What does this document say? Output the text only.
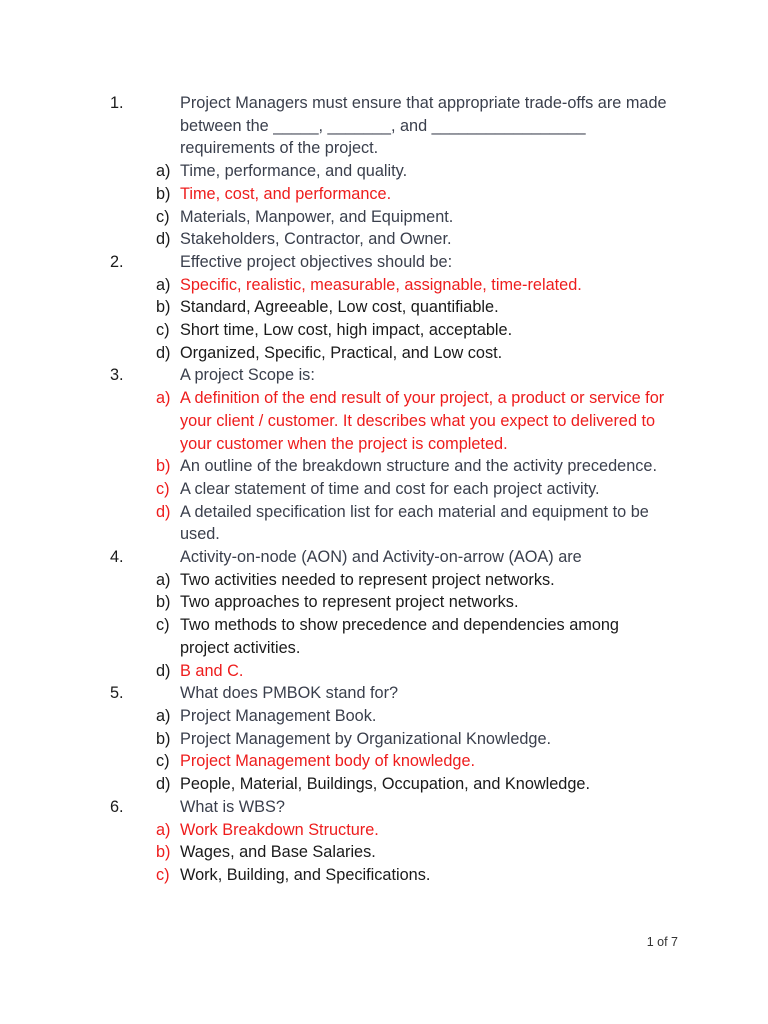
1.	Project Managers must ensure that appropriate trade-offs are made between the _____, _______, and _________________ requirements of the project.
a) Time, performance, and quality.
b) Time, cost, and performance.
c) Materials, Manpower, and Equipment.
d) Stakeholders, Contractor, and Owner.
2.	Effective project objectives should be:
a) Specific, realistic, measurable, assignable, time-related.
b) Standard, Agreeable, Low cost, quantifiable.
c) Short time, Low cost, high impact, acceptable.
d) Organized, Specific, Practical, and Low cost.
3.	A project Scope is:
a) A definition of the end result of your project, a product or service for your client / customer. It describes what you expect to delivered to your customer when the project is completed.
b) An outline of the breakdown structure and the activity precedence.
c) A clear statement of time and cost for each project activity.
d) A detailed specification list for each material and equipment to be used.
4.	Activity-on-node (AON) and Activity-on-arrow (AOA) are
a) Two activities needed to represent project networks.
b) Two approaches to represent project networks.
c) Two methods to show precedence and dependencies among project activities.
d) B and C.
5.	What does PMBOK stand for?
a) Project Management Book.
b) Project Management by Organizational Knowledge.
c) Project Management body of knowledge.
d) People, Material, Buildings, Occupation, and Knowledge.
6.	What is WBS?
a) Work Breakdown Structure.
b) Wages, and Base Salaries.
c) Work, Building, and Specifications.
1 of 7
